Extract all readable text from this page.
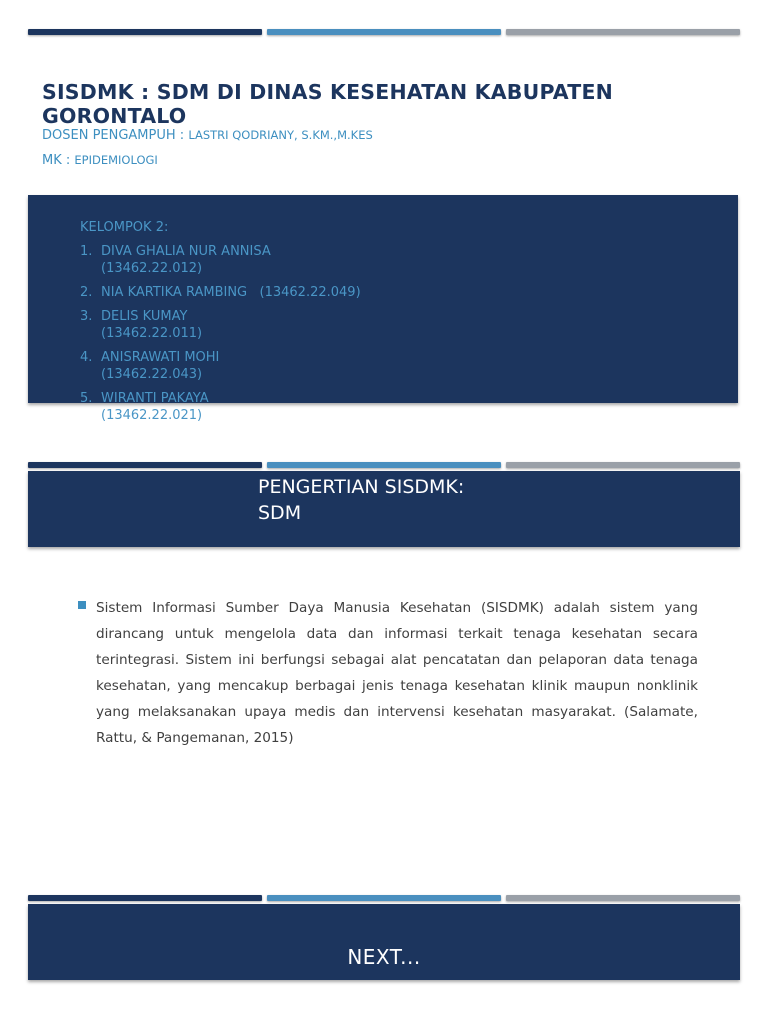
SISDMK : SDM DI DINAS KESEHATAN KABUPATEN GORONTALO
DOSEN PENGAMPUH : LASTRI QODRIANY, S.KM.,M.KES
MK : EPIDEMIOLOGI
KELOMPOK 2:
1. DIVA GHALIA NUR ANNISA
(13462.22.012)
2. NIA KARTIKA RAMBING (13462.22.049)
3. DELIS KUMAY
(13462.22.011)
4. ANISRAWATI MOHI
(13462.22.043)
5. WIRANTI PAKAYA
(13462.22.021)
PENGERTIAN SISDMK:
SDM
Sistem Informasi Sumber Daya Manusia Kesehatan (SISDMK) adalah sistem yang dirancang untuk mengelola data dan informasi terkait tenaga kesehatan secara terintegrasi. Sistem ini berfungsi sebagai alat pencatatan dan pelaporan data tenaga kesehatan, yang mencakup berbagai jenis tenaga kesehatan klinik maupun nonklinik yang melaksanakan upaya medis dan intervensi kesehatan masyarakat. (Salamate, Rattu, & Pangemanan, 2015)
NEXT...
